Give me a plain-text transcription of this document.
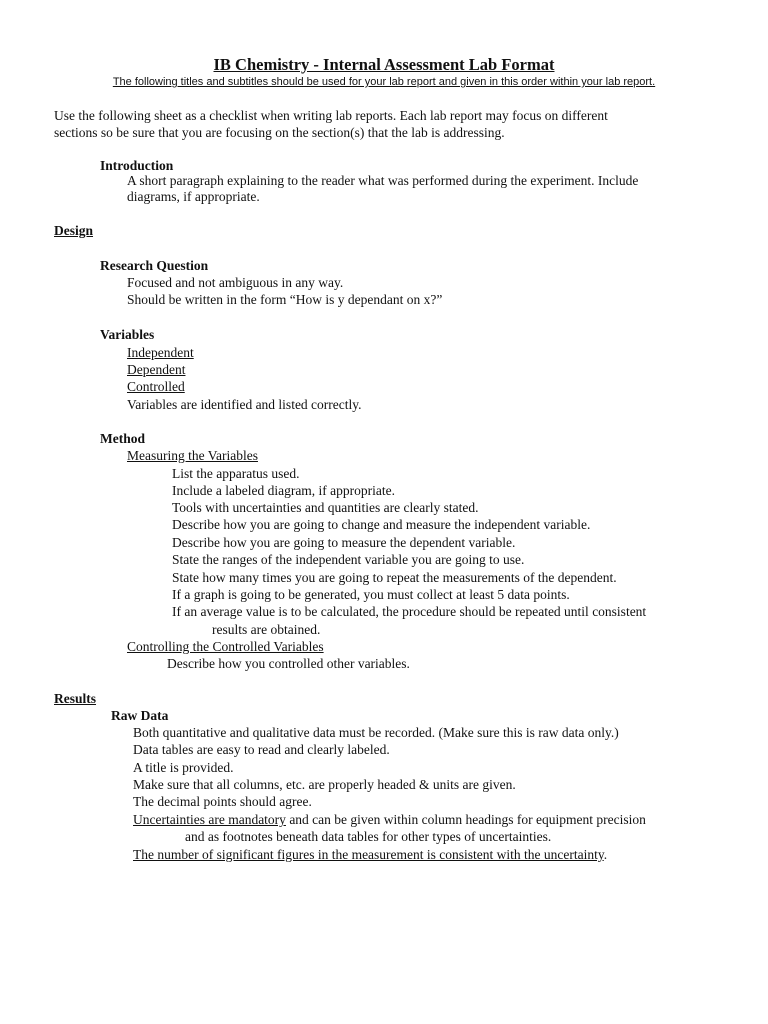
IB Chemistry - Internal Assessment Lab Format
The following titles and subtitles should be used for your lab report and given in this order within your lab report.
Use the following sheet as a checklist when writing lab reports. Each lab report may focus on different
sections so be sure that you are focusing on the section(s) that the lab is addressing.
Introduction
A short paragraph explaining to the reader what was performed during the experiment. Include
diagrams, if appropriate.
Design
Research Question
Focused and not ambiguous in any way.
Should be written in the form “How is y dependant on x?”
Variables
Independent
Dependent
Controlled
Variables are identified and listed correctly.
Method
Measuring the Variables
List the apparatus used.
Include a labeled diagram, if appropriate.
Tools with uncertainties and quantities are clearly stated.
Describe how you are going to change and measure the independent variable.
Describe how you are going to measure the dependent variable.
State the ranges of the independent variable you are going to use.
State how many times you are going to repeat the measurements of the dependent.
If a graph is going to be generated, you must collect at least 5 data points.
If an average value is to be calculated, the procedure should be repeated until consistent
results are obtained.
Controlling the Controlled Variables
Describe how you controlled other variables.
Results
Raw Data
Both quantitative and qualitative data must be recorded. (Make sure this is raw data only.)
Data tables are easy to read and clearly labeled.
A title is provided.
Make sure that all columns, etc. are properly headed & units are given.
The decimal points should agree.
Uncertainties are mandatory and can be given within column headings for equipment precision
and as footnotes beneath data tables for other types of uncertainties.
The number of significant figures in the measurement is consistent with the uncertainty.
